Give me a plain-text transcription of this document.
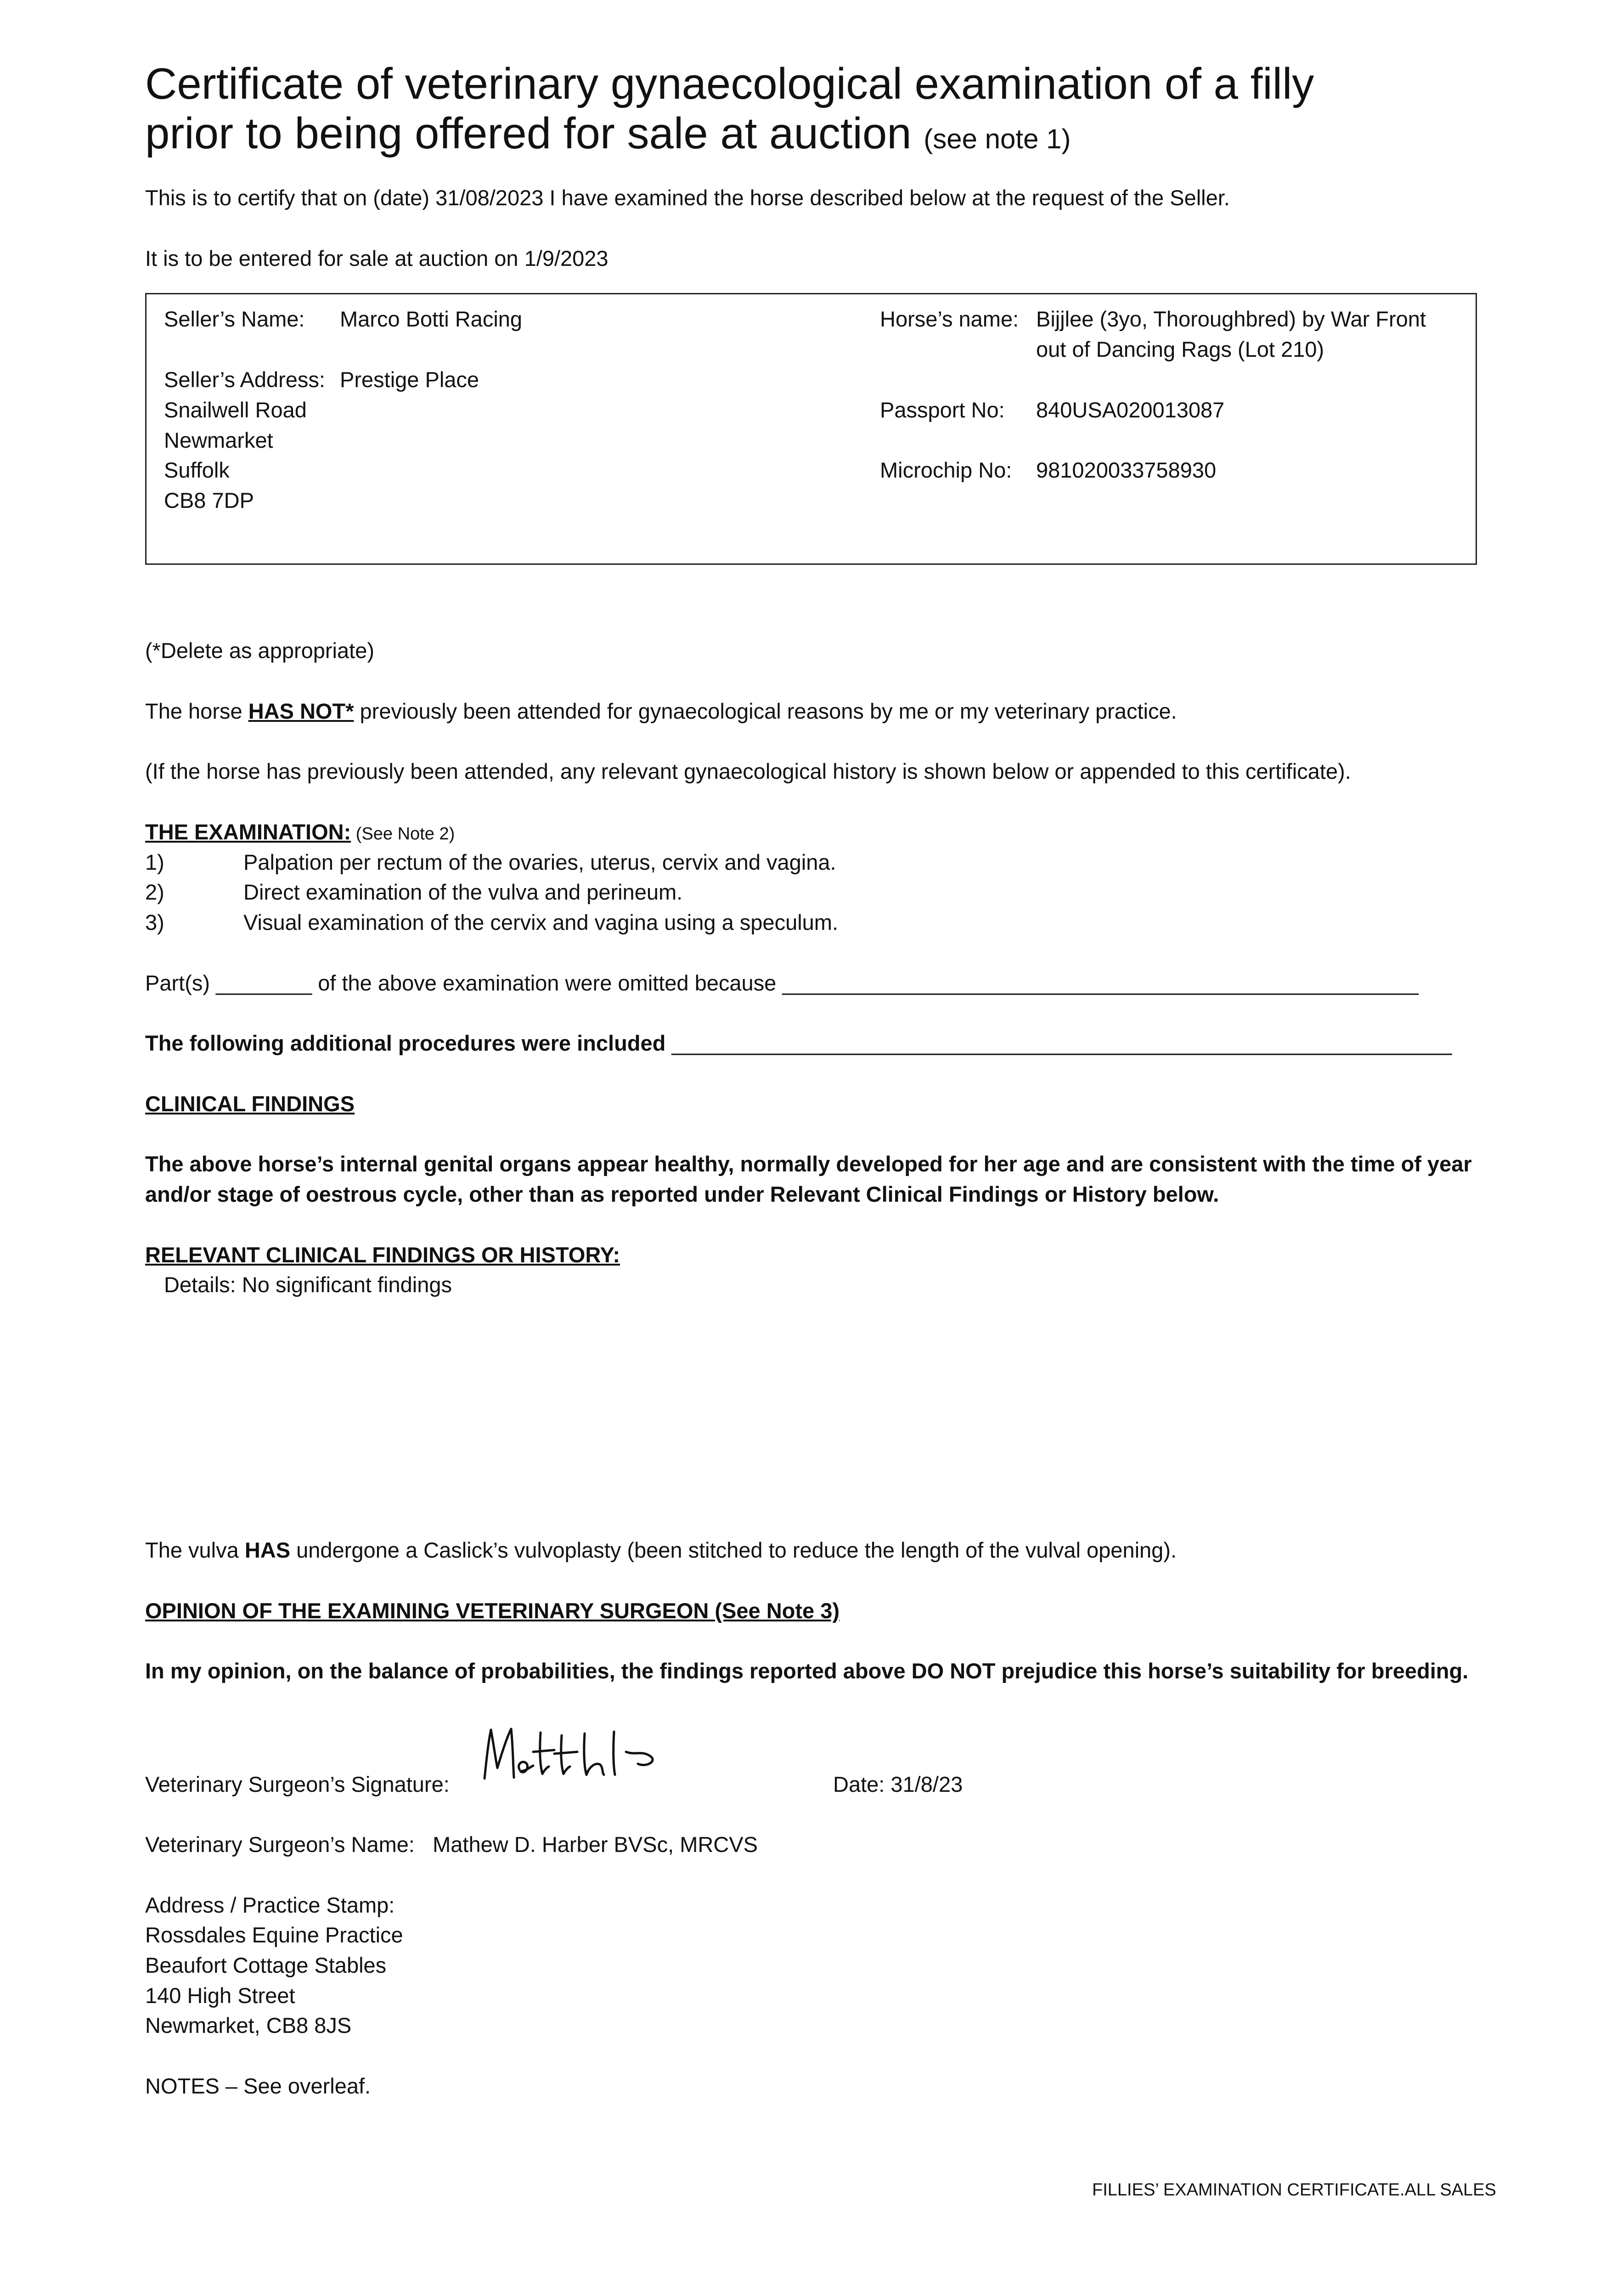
Certificate of veterinary gynaecological examination of a filly
prior to being offered for sale at auction (see note 1)
This is to certify that on (date) 31/08/2023 I have examined the horse described below at the request of the Seller.
It is to be entered for sale at auction on 1/9/2023
Seller’s Name: Marco Botti Racing
Seller’s Address: Prestige Place
Snailwell Road
Newmarket
Suffolk
CB8 7DP
Horse’s name: Bijjlee (3yo, Thoroughbred) by War Front
out of Dancing Rags (Lot 210)
Passport No: 840USA020013087
Microchip No: 981020033758930
(*Delete as appropriate)
The horse HAS NOT* previously been attended for gynaecological reasons by me or my veterinary practice.
(If the horse has previously been attended, any relevant gynaecological history is shown below or appended to this certificate).
THE EXAMINATION: (See Note 2)
1)	Palpation per rectum of the ovaries, uterus, cervix and vagina.
2)	Direct examination of the vulva and perineum.
3)	Visual examination of the cervix and vagina using a speculum.
Part(s) ________ of the above examination were omitted because _____________________________________________________
The following additional procedures were included _________________________________________________________________
CLINICAL FINDINGS
The above horse’s internal genital organs appear healthy, normally developed for her age and are consistent with the time of year
and/or stage of oestrous cycle, other than as reported under Relevant Clinical Findings or History below.
RELEVANT CLINICAL FINDINGS OR HISTORY:
Details: No significant findings
The vulva HAS undergone a Caslick’s vulvoplasty (been stitched to reduce the length of the vulval opening).
OPINION OF THE EXAMINING VETERINARY SURGEON (See Note 3)
In my opinion, on the balance of probabilities, the findings reported above DO NOT prejudice this horse’s suitability for breeding.
Veterinary Surgeon’s Signature:	Date: 31/8/23
Veterinary Surgeon’s Name: Mathew D. Harber BVSc, MRCVS
Address / Practice Stamp:
Rossdales Equine Practice
Beaufort Cottage Stables
140 High Street
Newmarket, CB8 8JS
NOTES – See overleaf.
FILLIES’ EXAMINATION CERTIFICATE.ALL SALES
